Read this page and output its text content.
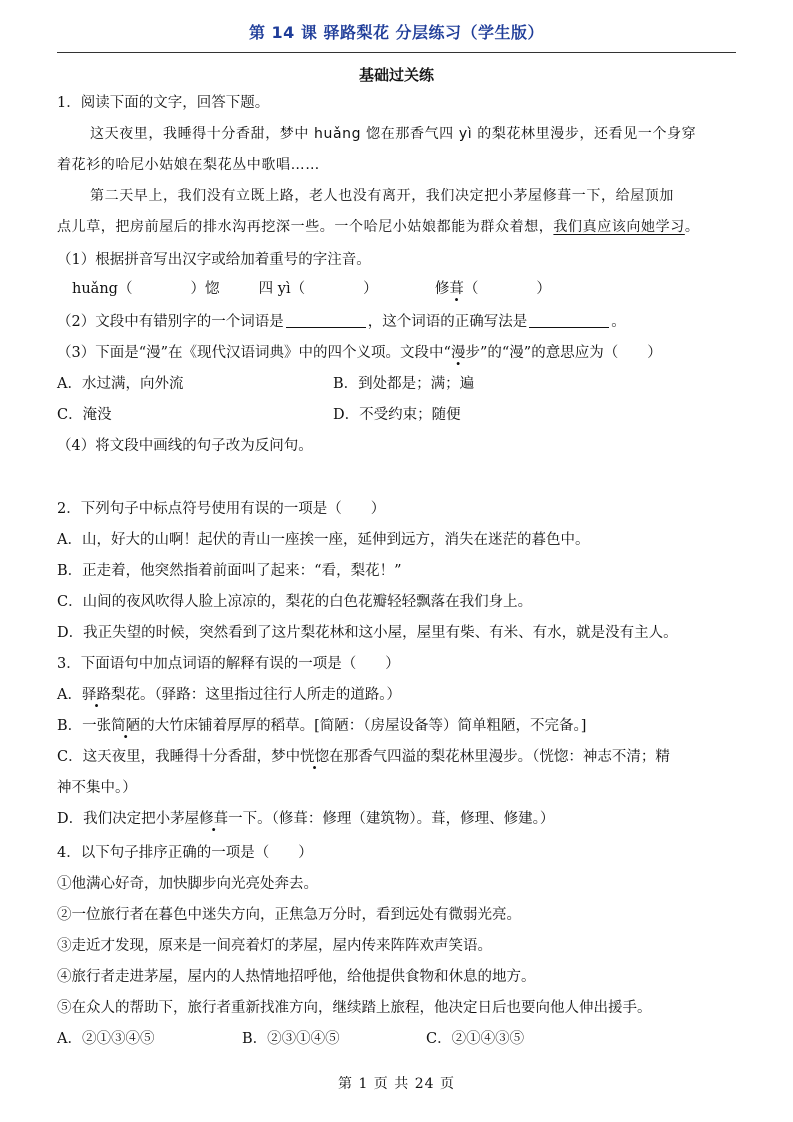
第 14 课 驿路梨花 分层练习（学生版）
基础过关练
1．阅读下面的文字，回答下题。
这天夜里，我睡得十分香甜，梦中 huǎng 惚在那香气四 yì 的梨花林里漫步，还看见一个身穿
着花衫的哈尼小姑娘在梨花丛中歌唱……
第二天早上，我们没有立既上路，老人也没有离开，我们决定把小茅屋修葺一下，给屋顶加
点儿草，把房前屋后的排水沟再挖深一些。一个哈尼小姑娘都能为群众着想，我们真应该向她学习。
（1）根据拼音写出汉字或给加着重号的字注音。
huǎng（	）惚	四 yì（	）	修葺（	）
（2）文段中有错别字的一个词语是	，这个词语的正确写法是	。
（3）下面是“漫”在《现代汉语词典》中的四个义项。文段中“漫步”的“漫”的意思应为（　　）
A．水过满，向外流	B．到处都是；满；遍
C．淹没	D．不受约束；随便
（4）将文段中画线的句子改为反问句。
2．下列句子中标点符号使用有误的一项是（　　）
A．山，好大的山啊！起伏的青山一座挨一座，延伸到远方，消失在迷茫的暮色中。
B．正走着，他突然指着前面叫了起来：“看，梨花！”
C．山间的夜风吹得人脸上凉凉的，梨花的白色花瓣轻轻飘落在我们身上。
D．我正失望的时候，突然看到了这片梨花林和这小屋，屋里有柴、有米、有水，就是没有主人。
3．下面语句中加点词语的解释有误的一项是（　　）
A．驿路梨花。（驿路：这里指过往行人所走的道路。）
B．一张简陋的大竹床铺着厚厚的稻草。[简陋：（房屋设备等）简单粗陋，不完备。]
C．这天夜里，我睡得十分香甜，梦中恍惚在那香气四溢的梨花林里漫步。（恍惚：神志不清；精
神不集中。）
D．我们决定把小茅屋修葺一下。（修葺：修理（建筑物）。葺，修理、修建。）
4．以下句子排序正确的一项是（　　）
①他满心好奇，加快脚步向光亮处奔去。
②一位旅行者在暮色中迷失方向，正焦急万分时，看到远处有微弱光亮。
③走近才发现，原来是一间亮着灯的茅屋，屋内传来阵阵欢声笑语。
④旅行者走进茅屋，屋内的人热情地招呼他，给他提供食物和休息的地方。
⑤在众人的帮助下，旅行者重新找准方向，继续踏上旅程，他决定日后也要向他人伸出援手。
A．②①③④⑤	B．②③①④⑤	C．②①④③⑤
第 1 页 共 24 页
